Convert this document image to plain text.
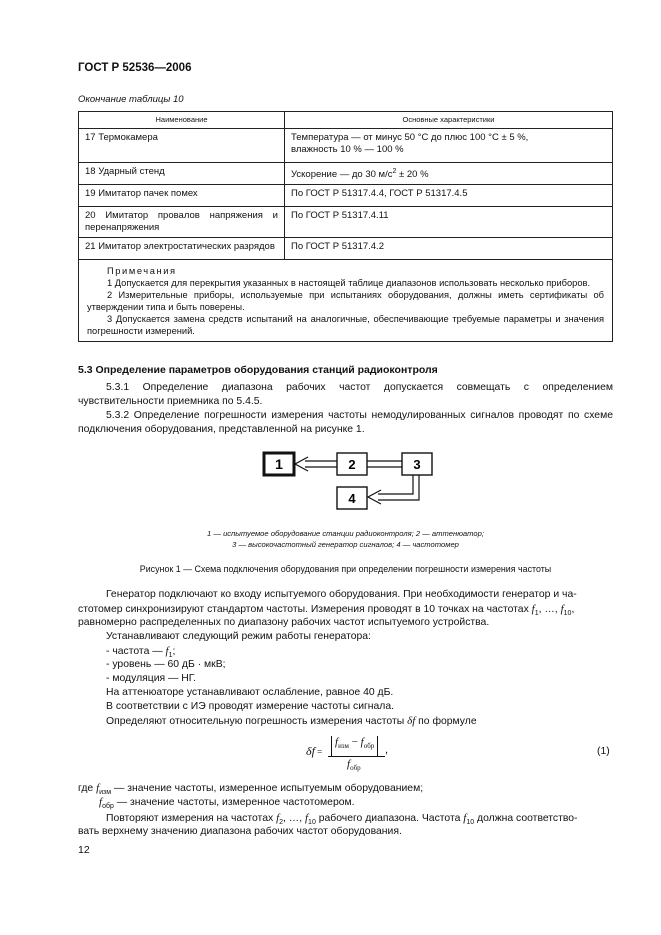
ГОСТ Р 52536—2006
Окончание таблицы 10
Наименование	Основные характеристики
17 Термокамера	Температура — от минус 50 °С до плюс 100 °С ± 5 %,
влажность 10 % — 100 %

18 Ударный стенд	Ускорение — до 30 $м/с^2 \pm 20$ %
19 Имитатор пачек помех	По ГОСТ Р 51317.4.4, ГОСТ Р 51317.4.5
20 Имитатор провалов напряжения и перенапряжения	По ГОСТ Р 51317.4.11
21 Имитатор электростатических разрядов	По ГОСТ Р 51317.4.2

Примечания

1 Допускается для перекрытия указанных в настоящей таблице диапазонов использовать несколько приборов.

2 Измерительные приборы, используемые при испытаниях оборудования, должны иметь сертификаты об утверждении типа и быть поверены.

3 Допускается замена средств испытаний на аналогичные, обеспечивающие требуемые параметры и значения погрешности измерений.	

5.3 Определение параметров оборудования станций радиоконтроля
5.3.1 Определение диапазона рабочих частот допускается совмещать с определением чувствительности приемника по 5.4.5.
5.3.2 Определение погрешности измерения частоты немодулированных сигналов проводят по схеме подключения оборудования, представленной на рисунке 1.
1	2	3
4
1 — испытуемое оборудование станции радиоконтроля; 2 — аттенюатор;
3 — высокочастотный генератор сигналов; 4 — частотомер
Рисунок 1 — Схема подключения оборудования при определении погрешности измерения частоты
Генератор подключают ко входу испытуемого оборудования. При необходимости генератор и ча-
стотомер синхронизируют стандартом частоты. Измерения проводят в 10 точках на частотах $f_1$, …, $f_{10}$,
равномерно распределенных по диапазону рабочих частот испытуемого устройства.
Устанавливают следующий режим работы генератора:
- частота — $f_1$;
- уровень — 60 дБ · мкВ;
- модуляция — НГ.
На аттенюаторе устанавливают ослабление, равное 40 дБ.
В соответствии с ИЭ проводят измерение частоты сигнала.
Определяют относительную погрешность измерения частоты δf по формуле
δf =
$f_{изм} - f_{обр}$
$f_{обр}$
,	(1)
где $f_{изм}$ — значение частоты, измеренное испытуемым оборудованием;
$f_{обр}$ — значение частоты, измеренное частотомером.
Повторяют измерения на частотах $f_2$, …, $f_{10}$ рабочего диапазона. Частота $f_{10}$ должна соответство-
вать верхнему значению диапазона рабочих частот оборудования.
12
